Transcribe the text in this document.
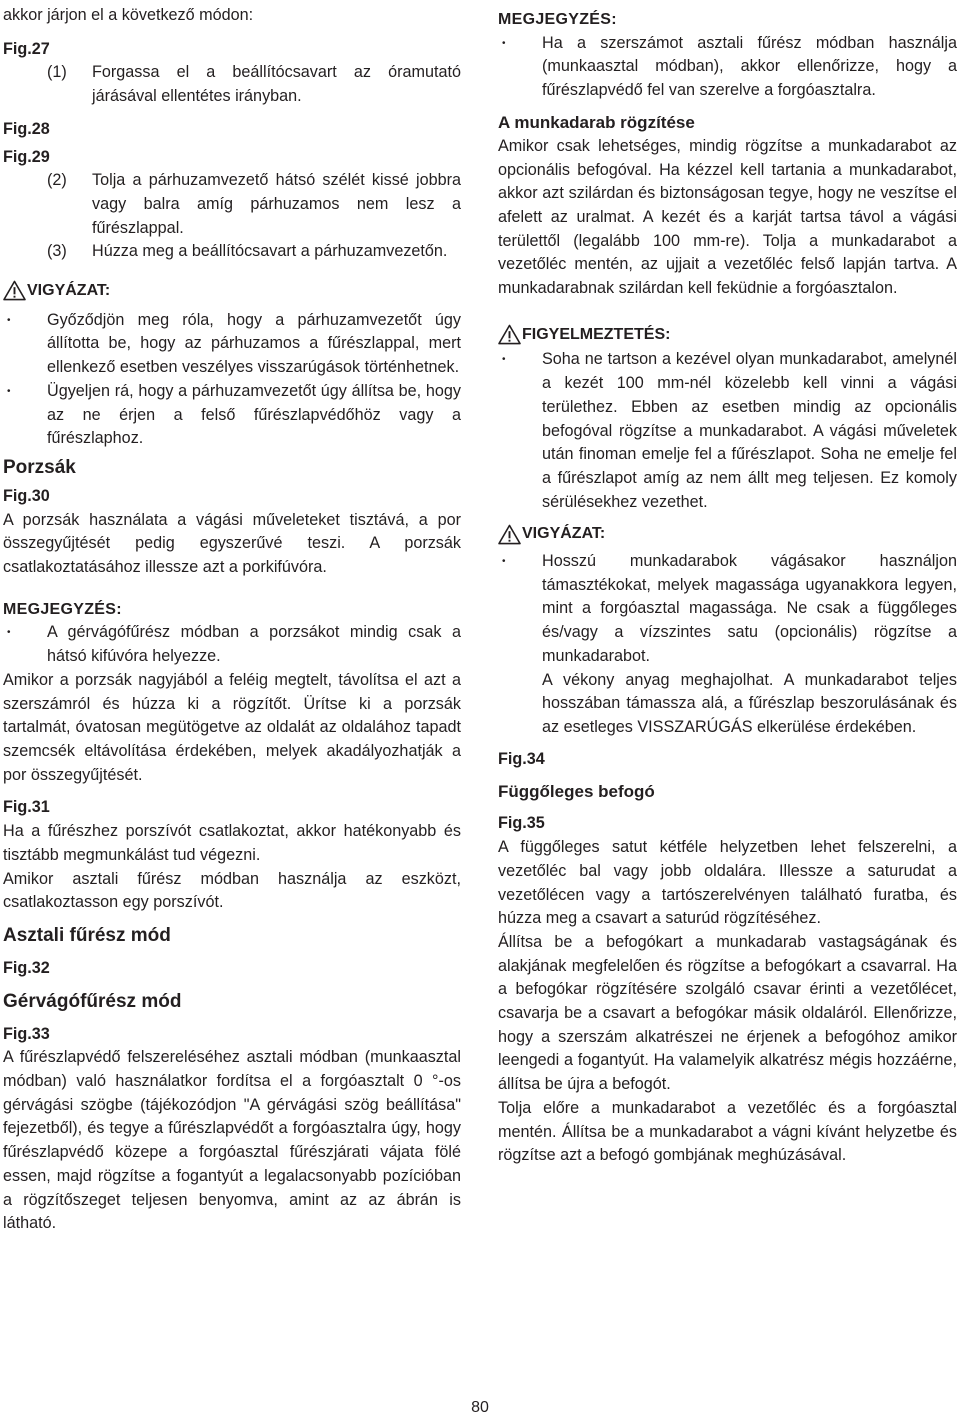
akkor járjon el a következő módon:

Fig.27
(1)	Forgassa el a beállítócsavart az óramutató járásával ellentétes irányban.
Fig.28
Fig.29
(2)	Tolja a párhuzamvezető hátsó szélét kissé jobbra vagy balra amíg párhuzamos nem lesz a fűrészlappal.
(3)	Húzza meg a beállítócsavart a párhuzamvezetőn.
VIGYÁZAT:
• Győződjön meg róla, hogy a párhuzamvezetőt úgy állította be, hogy az párhuzamos a fűrészlappal, mert ellenkező esetben veszélyes visszarúgások történhetnek.

• Ügyeljen rá, hogy a párhuzamvezetőt úgy állítsa be, hogy az ne érjen a felső fűrészlapvédőhöz vagy a fűrészlaphoz.

Porzsák
Fig.30

A porzsák használata a vágási műveleteket tisztává, a por összegyűjtését pedig egyszerűvé teszi. A porzsák csatlakoztatásához illessze azt a porkifúvóra.

MEGJEGYZÉS:
• A gérvágófűrész módban a porzsákot mindig csak a hátsó kifúvóra helyezze.

Amikor a porzsák nagyjából a feléig megtelt, távolítsa el azt a szerszámról és húzza ki a rögzítőt. Ürítse ki a porzsák tartalmát, óvatosan megütögetve az oldalát az oldalához tapadt szemcsék eltávolítása érdekében, melyek akadályozhatják a por összegyűjtését.

Fig.31

Ha a fűrészhez porszívót csatlakoztat, akkor hatékonyabb és tisztább megmunkálást tud végezni.

Amikor asztali fűrész módban használja az eszközt, csatlakoztasson egy porszívót.

Asztali fűrész mód
Fig.32
Gérvágófűrész mód
Fig.33

A fűrészlapvédő felszereléséhez asztali módban (munkaasztal módban) való használatkor fordítsa el a forgóasztalt 0 °-os gérvágási szögbe (tájékozódjon "A gérvágási szög beállítása" fejezetből), és tegye a fűrészlapvédőt a forgóasztalra úgy, hogy fűrészlapvédő közepe a forgóasztal fűrészjárati vájata fölé essen, majd rögzítse a fogantyút a legalacsonyabb pozícióban a rögzítőszeget teljesen benyomva, amint az az ábrán is látható.

MEGJEGYZÉS:
• Ha a szerszámot asztali fűrész módban használja (munkaasztal módban), akkor ellenőrizze, hogy a fűrészlapvédő fel van szerelve a forgóasztalra.

A munkadarab rögzítése

Amikor csak lehetséges, mindig rögzítse a munkadarabot az opcionális befogóval. Ha kézzel kell tartania a munkadarabot, akkor azt szilárdan és biztonságosan tegye, hogy ne veszítse el afelett az uralmat. A kezét és a karját tartsa távol a vágási területtől (legalább 100 mm-re). Tolja a munkadarabot a vezetőléc mentén, az ujjait a vezetőléc felső lapján tartva. A munkadarabnak szilárdan kell feküdnie a forgóasztalon.

FIGYELMEZTETÉS:
• Soha ne tartson a kezével olyan munkadarabot, amelynél a kezét 100 mm-nél közelebb kell vinni a vágási területhez. Ebben az esetben mindig az opcionális befogóval rögzítse a munkadarabot. A vágási műveletek után finoman emelje fel a fűrészlapot. Soha ne emelje fel a fűrészlapot amíg az nem állt meg teljesen. Ez komoly sérülésekhez vezethet.

VIGYÁZAT:
• Hosszú munkadarabok vágásakor használjon támasztékokat, melyek magassága ugyanakkora legyen, mint a forgóasztal magassága. Ne csak a függőleges és/vagy a vízszintes satu (opcionális) rögzítse a munkadarabot.

A vékony anyag meghajolhat. A munkadarabot teljes hosszában támassza alá, a fűrészlap beszorulásának és az esetleges VISSZARÚGÁS elkerülése érdekében.

Fig.34
Függőleges befogó
Fig.35

A függőleges satut kétféle helyzetben lehet felszerelni, a vezetőléc bal vagy jobb oldalára. Illessze a saturudat a vezetőlécen vagy a tartószerelvényen található furatba, és húzza meg a csavart a saturúd rögzítéséhez.

Állítsa be a befogókart a munkadarab vastagságának és alakjának megfelelően és rögzítse a befogókart a csavarral. Ha a befogókar rögzítésére szolgáló csavar érinti a vezetőlécet, csavarja be a csavart a befogókar másik oldaláról. Ellenőrizze, hogy a szerszám alkatrészei ne érjenek a befogóhoz amikor leengedi a fogantyút. Ha valamelyik alkatrész mégis hozzáérne, állítsa be újra a befogót.

Tolja előre a munkadarabot a vezetőléc és a forgóasztal mentén. Állítsa be a munkadarabot a vágni kívánt helyzetbe és rögzítse azt a befogó gombjának meghúzásával.

80
